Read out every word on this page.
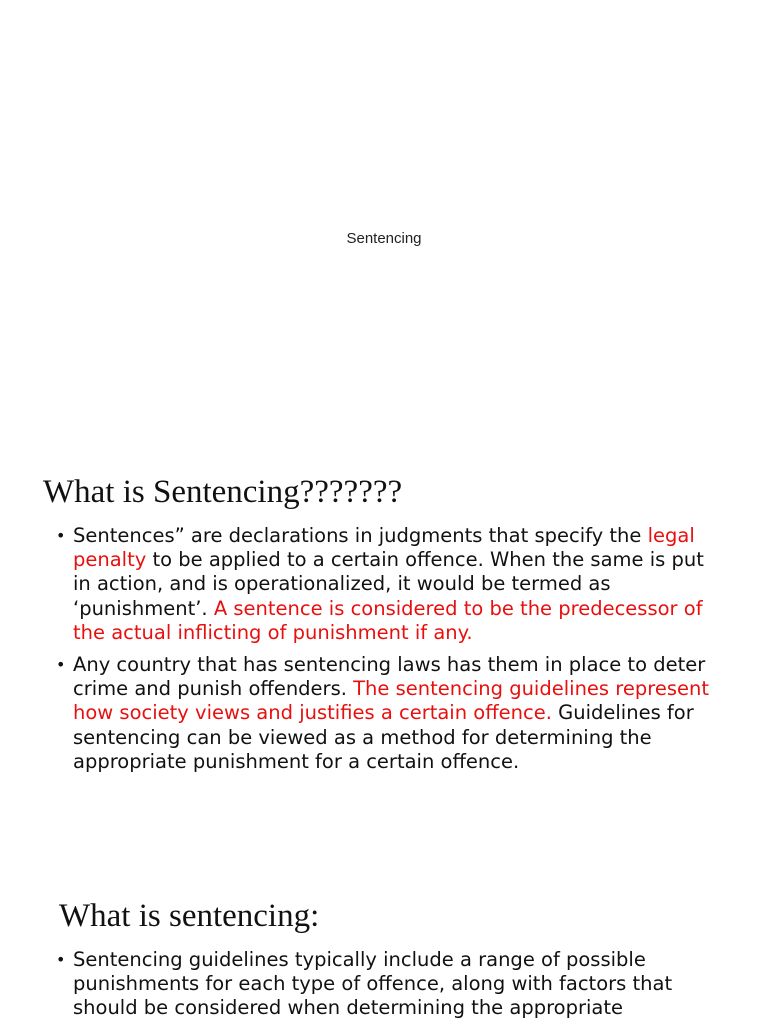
Sentencing
What is Sentencing???????
• Sentences” are declarations in judgments that specify the legal penalty to be applied to a certain offence. When the same is put in action, and is operationalized, it would be termed as ‘punishment’. A sentence is considered to be the predecessor of the actual inflicting of punishment if any.
• Any country that has sentencing laws has them in place to deter crime and punish offenders. The sentencing guidelines represent how society views and justifies a certain offence. Guidelines for sentencing can be viewed as a method for determining the appropriate punishment for a certain offence.
What is sentencing:
• Sentencing guidelines typically include a range of possible punishments for each type of offence, along with factors that should be considered when determining the appropriate
